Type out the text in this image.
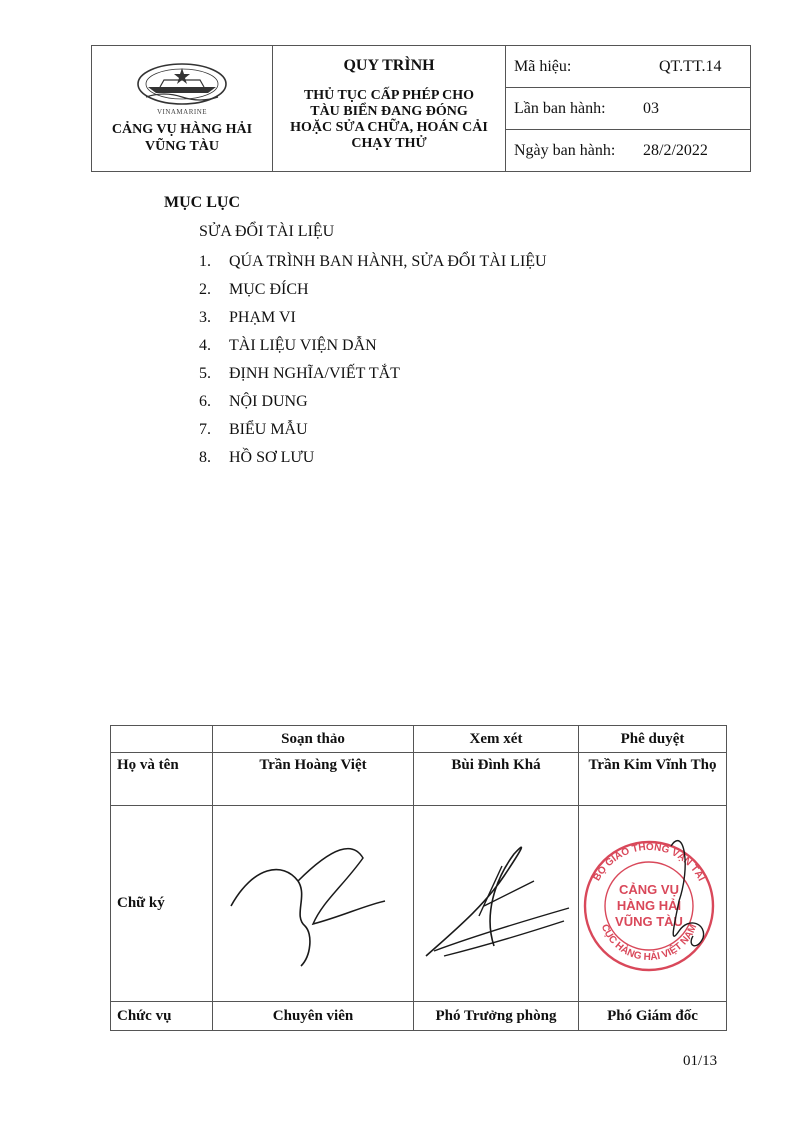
VINAMARINE
CẢNG VỤ HÀNG HẢI
VŨNG TÀU
QUY TRÌNH
THỦ TỤC CẤP PHÉP CHO
TÀU BIỂN ĐANG ĐÓNG
HOẶC SỬA CHỮA, HOÁN CẢI
CHẠY THỬ
Mã hiệu:	QT.TT.14
Lần ban hành:	03
Ngày ban hành:	28/2/2022
MỤC LỤC
SỬA ĐỔI TÀI LIỆU
1.	QÚA TRÌNH BAN HÀNH, SỬA ĐỔI TÀI LIỆU
2.	MỤC ĐÍCH
3.	PHẠM VI
4.	TÀI LIỆU VIỆN DẪN
5.	ĐỊNH NGHĨA/VIẾT TẮT
6.	NỘI DUNG
7.	BIỂU MẪU
8.	HỒ SƠ LƯU
	Soạn thảo	Xem xét	Phê duyệt
Họ và tên	Trần Hoàng Việt	Bùi Đình Khá	Trần Kim Vĩnh Thọ
Chữ ký			BỘ GIAO THÔNG VẬN TẢI
CỤC HÀNG HẢI VIỆT NAM
CẢNG VỤ
HÀNG HẢI
VŨNG TÀU

Chức vụ	Chuyên viên	Phó Trưởng phòng	Phó Giám đốc
01/13
